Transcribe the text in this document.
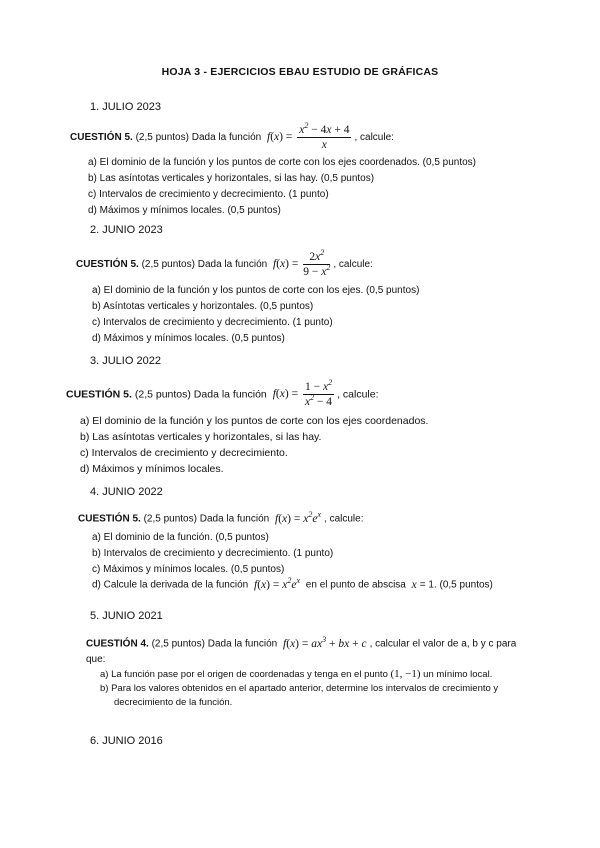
HOJA 3 - EJERCICIOS EBAU ESTUDIO DE GRÁFICAS
1. JULIO 2023
CUESTIÓN 5. (2,5 puntos) Dada la función $f(x) = \frac{x^2 - 4x + 4}{x}$ , calcule:
a) El dominio de la función y los puntos de corte con los ejes coordenados. (0,5 puntos)
b) Las asíntotas verticales y horizontales, si las hay. (0,5 puntos)
c) Intervalos de crecimiento y decrecimiento. (1 punto)
d) Máximos y mínimos locales. (0,5 puntos)
2. JUNIO 2023
CUESTIÓN 5. (2,5 puntos) Dada la función $f(x) = \frac{2x^2}{9 - x^2}$ , calcule:
a) El dominio de la función y los puntos de corte con los ejes. (0,5 puntos)
b) Asíntotas verticales y horizontales. (0,5 puntos)
c) Intervalos de crecimiento y decrecimiento. (1 punto)
d) Máximos y mínimos locales. (0,5 puntos)
3. JULIO 2022
CUESTIÓN 5. (2,5 puntos) Dada la función $f(x) = \frac{1 - x^2}{x^2 - 4}$ , calcule:
a) El dominio de la función y los puntos de corte con los ejes coordenados.
b) Las asíntotas verticales y horizontales, si las hay.
c) Intervalos de crecimiento y decrecimiento.
d) Máximos y mínimos locales.
4. JUNIO 2022
CUESTIÓN 5. (2,5 puntos) Dada la función $f(x) = x^2e^x$ , calcule:
a) El dominio de la función. (0,5 puntos)
b) Intervalos de crecimiento y decrecimiento. (1 punto)
c) Máximos y mínimos locales. (0,5 puntos)
d) Calcule la derivada de la función $f(x) = x^2e^x$ en el punto de abscisa x = 1. (0,5 puntos)
5. JUNIO 2021
CUESTIÓN 4. (2,5 puntos) Dada la función $f(x) = ax^3$ + bx + c , calcular el valor de a, b y c para
que:
a) La función pase por el origen de coordenadas y tenga en el punto (1, −1) un mínimo local.
b) Para los valores obtenidos en el apartado anterior, determine los intervalos de crecimiento y
decrecimiento de la función.
6. JUNIO 2016
